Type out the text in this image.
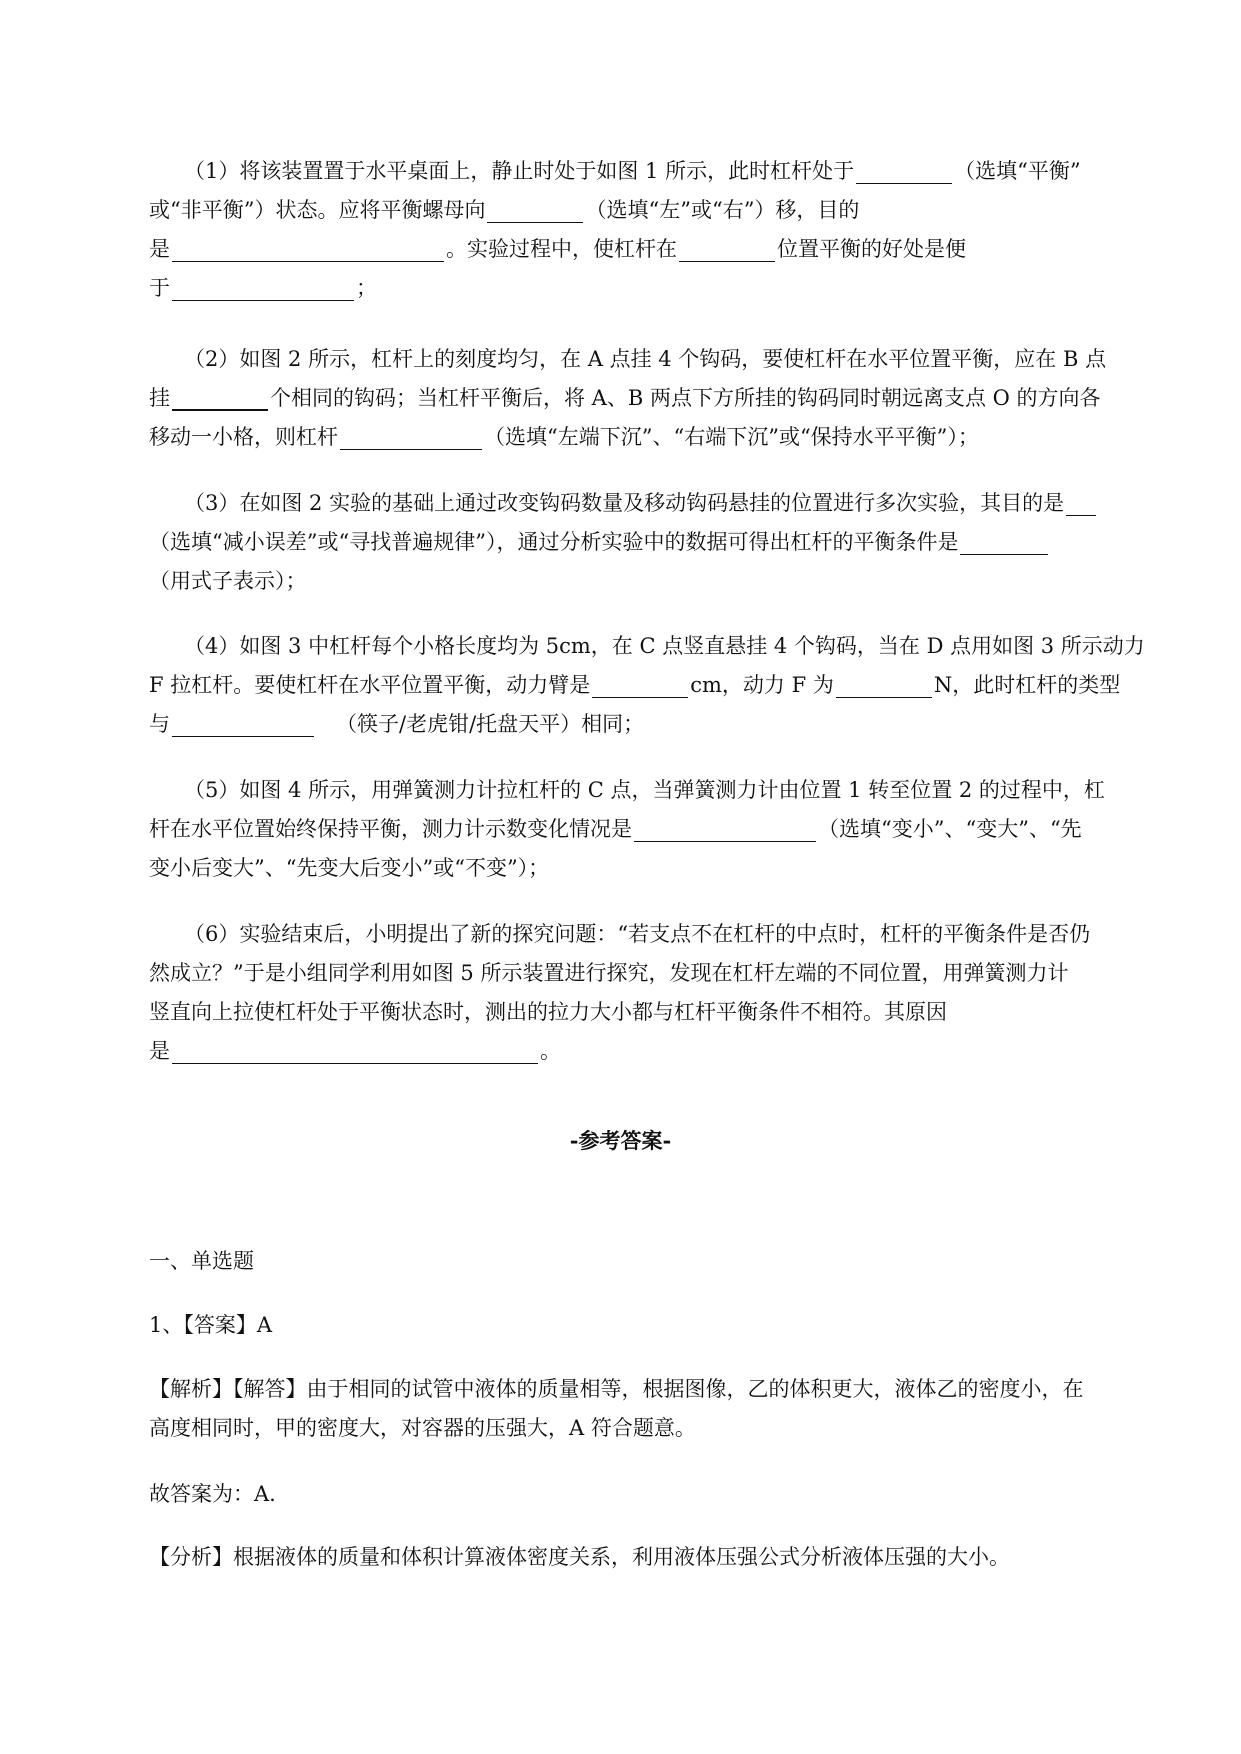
（1）将该装置置于水平桌面上，静止时处于如图 1 所示，此时杠杆处于	（选填“平衡”
或“非平衡”）状态。应将平衡螺母向	（选填“左”或“右”）移，目的
是	。实验过程中，使杠杆在	位置平衡的好处是便
于	；
（2）如图 2 所示，杠杆上的刻度均匀，在 A 点挂 4 个钩码，要使杠杆在水平位置平衡，应在 B 点
挂	个相同的钩码；当杠杆平衡后，将 A、B 两点下方所挂的钩码同时朝远离支点 O 的方向各
移动一小格，则杠杆	（选填“左端下沉”、“右端下沉”或“保持水平平衡”）；
（3）在如图 2 实验的基础上通过改变钩码数量及移动钩码悬挂的位置进行多次实验，其目的是
（选填“减小误差”或“寻找普遍规律”），通过分析实验中的数据可得出杠杆的平衡条件是
（用式子表示）；
（4）如图 3 中杠杆每个小格长度均为 5cm，在 C 点竖直悬挂 4 个钩码，当在 D 点用如图 3 所示动力
F 拉杠杆。要使杠杆在水平位置平衡，动力臂是	cm，动力 F 为	N，此时杠杆的类型
与	（筷子/老虎钳/托盘天平）相同；
（5）如图 4 所示，用弹簧测力计拉杠杆的 C 点，当弹簧测力计由位置 1 转至位置 2 的过程中，杠
杆在水平位置始终保持平衡，测力计示数变化情况是	（选填“变小”、“变大”、“先
变小后变大”、“先变大后变小”或“不变”）；
（6）实验结束后，小明提出了新的探究问题：“若支点不在杠杆的中点时，杠杆的平衡条件是否仍
然成立？”于是小组同学利用如图 5 所示装置进行探究，发现在杠杆左端的不同位置，用弹簧测力计
竖直向上拉使杠杆处于平衡状态时，测出的拉力大小都与杠杆平衡条件不相符。其原因
是	。
-参考答案-
一、单选题
1、【答案】A
【解析】【解答】由于相同的试管中液体的质量相等，根据图像，乙的体积更大，液体乙的密度小，在
高度相同时，甲的密度大，对容器的压强大，A 符合题意。
故答案为：A.
【分析】根据液体的质量和体积计算液体密度关系，利用液体压强公式分析液体压强的大小。
